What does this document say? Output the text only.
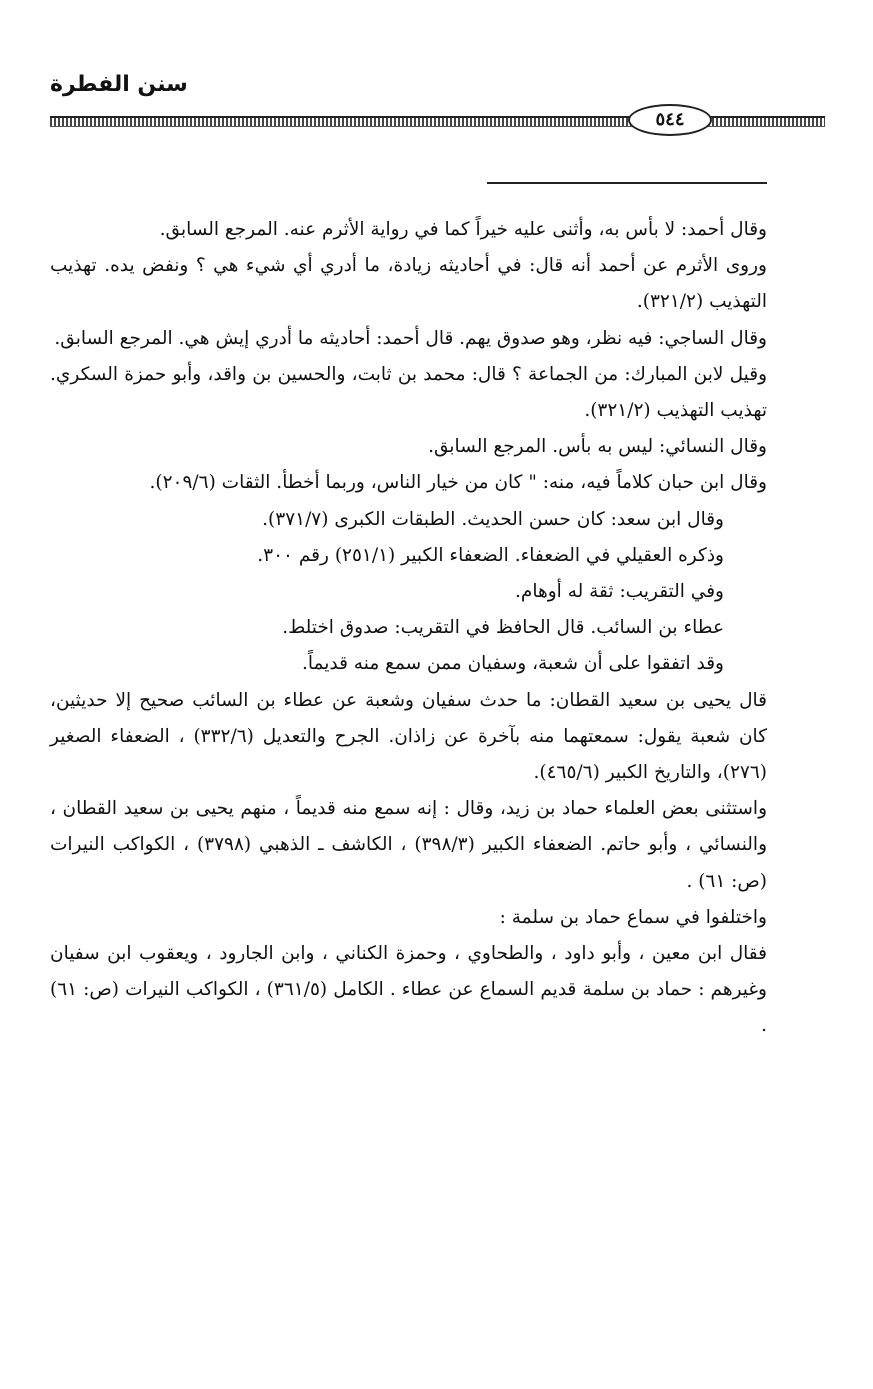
سنن الفطرة
٥٤٤

وقال أحمد: لا بأس به، وأثنى عليه خيراً كما في رواية الأثرم عنه. المرجع السابق.

وروى الأثرم عن أحمد أنه قال: في أحاديثه زيادة، ما أدري أي شيء هي ؟ ونفض يده. تهذيب التهذيب (٣٢١/٢).

وقال الساجي: فيه نظر، وهو صدوق يهم. قال أحمد: أحاديثه ما أدري إيش هي. المرجع السابق.

وقيل لابن المبارك: من الجماعة ؟ قال: محمد بن ثابت، والحسين بن واقد، وأبو حمزة السكري. تهذيب التهذيب (٣٢١/٢).

وقال النسائي: ليس به بأس. المرجع السابق.

وقال ابن حبان كلاماً فيه، منه: " كان من خيار الناس، وربما أخطأ. الثقات (٢٠٩/٦).

وقال ابن سعد: كان حسن الحديث. الطبقات الكبرى (٣٧١/٧).

وذكره العقيلي في الضعفاء. الضعفاء الكبير (٢٥١/١) رقم ٣٠٠.

وفي التقريب: ثقة له أوهام.

عطاء بن السائب. قال الحافظ في التقريب: صدوق اختلط.

وقد اتفقوا على أن شعبة، وسفيان ممن سمع منه قديماً.

قال يحيى بن سعيد القطان: ما حدث سفيان وشعبة عن عطاء بن السائب صحيح إلا حديثين، كان شعبة يقول: سمعتهما منه بآخرة عن زاذان. الجرح والتعديل (٣٣٢/٦) ، الضعفاء الصغير (٢٧٦)، والتاريخ الكبير (٤٦٥/٦).

واستثنى بعض العلماء حماد بن زيد، وقال : إنه سمع منه قديماً ، منهم يحيى بن سعيد القطان ، والنسائي ، وأبو حاتم. الضعفاء الكبير (٣٩٨/٣) ، الكاشف ـ الذهبي (٣٧٩٨) ، الكواكب النيرات (ص: ٦١) .

واختلفوا في سماع حماد بن سلمة :

فقال ابن معين ، وأبو داود ، والطحاوي ، وحمزة الكناني ، وابن الجارود ، ويعقوب ابن سفيان وغيرهم : حماد بن سلمة قديم السماع عن عطاء . الكامل (٣٦١/٥) ، الكواكب النيرات (ص: ٦١) .
